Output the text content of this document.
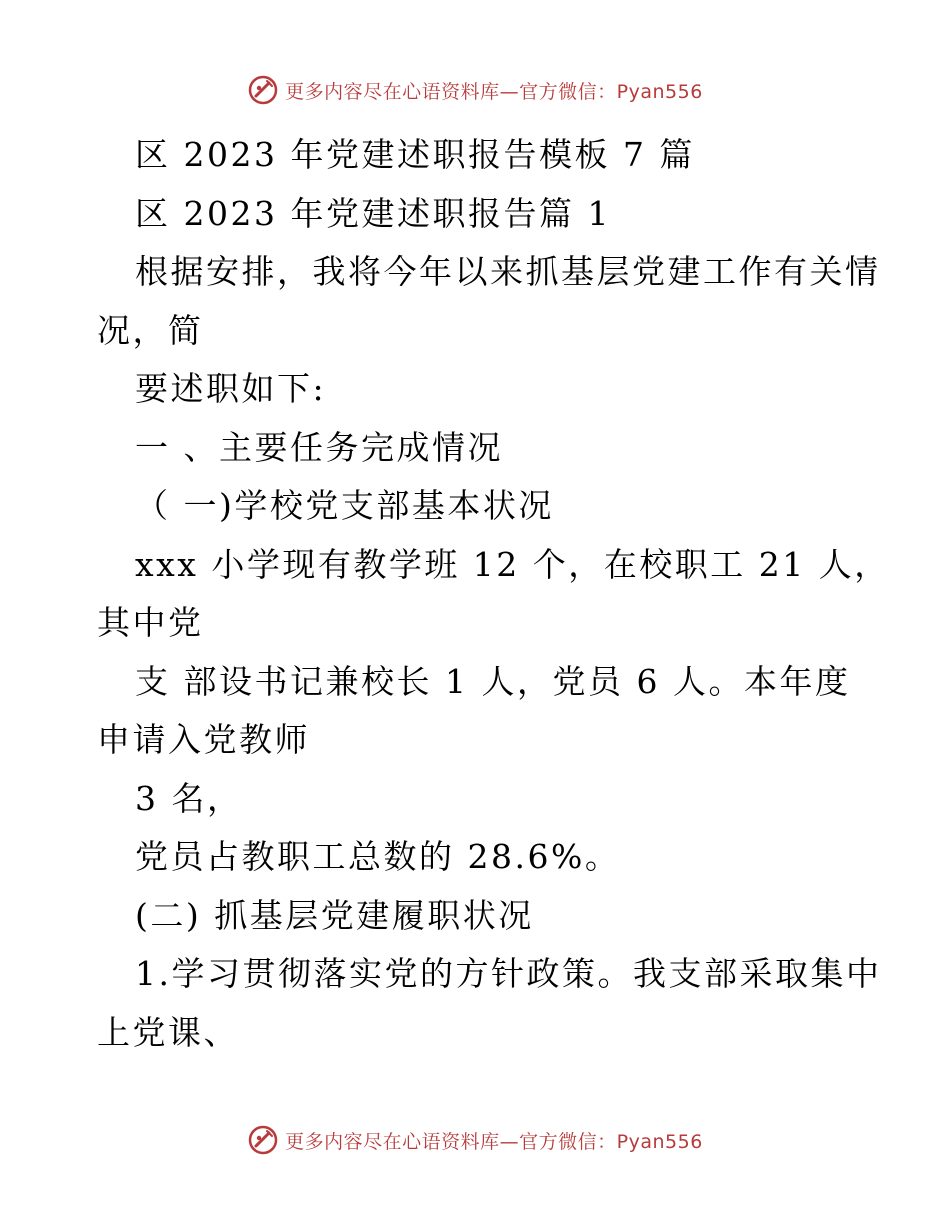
更多内容尽在心语资料库—官方微信：Pyan556
区 2023 年党建述职报告模板 7 篇
区 2023 年党建述职报告篇 1
根据安排，我将今年以来抓基层党建工作有关情
况，简
要述职如下:
一 、主要任务完成情况
（ 一)学校党支部基本状况
xxx 小学现有教学班 12 个，在校职工 21 人，
其中党
支 部设书记兼校长 1 人，党员 6 人。本年度
申请入党教师
3 名，
党员占教职工总数的 28.6%。
(二) 抓基层党建履职状况
1.学习贯彻落实党的方针政策。我支部采取集中
上党课、
更多内容尽在心语资料库—官方微信：Pyan556
